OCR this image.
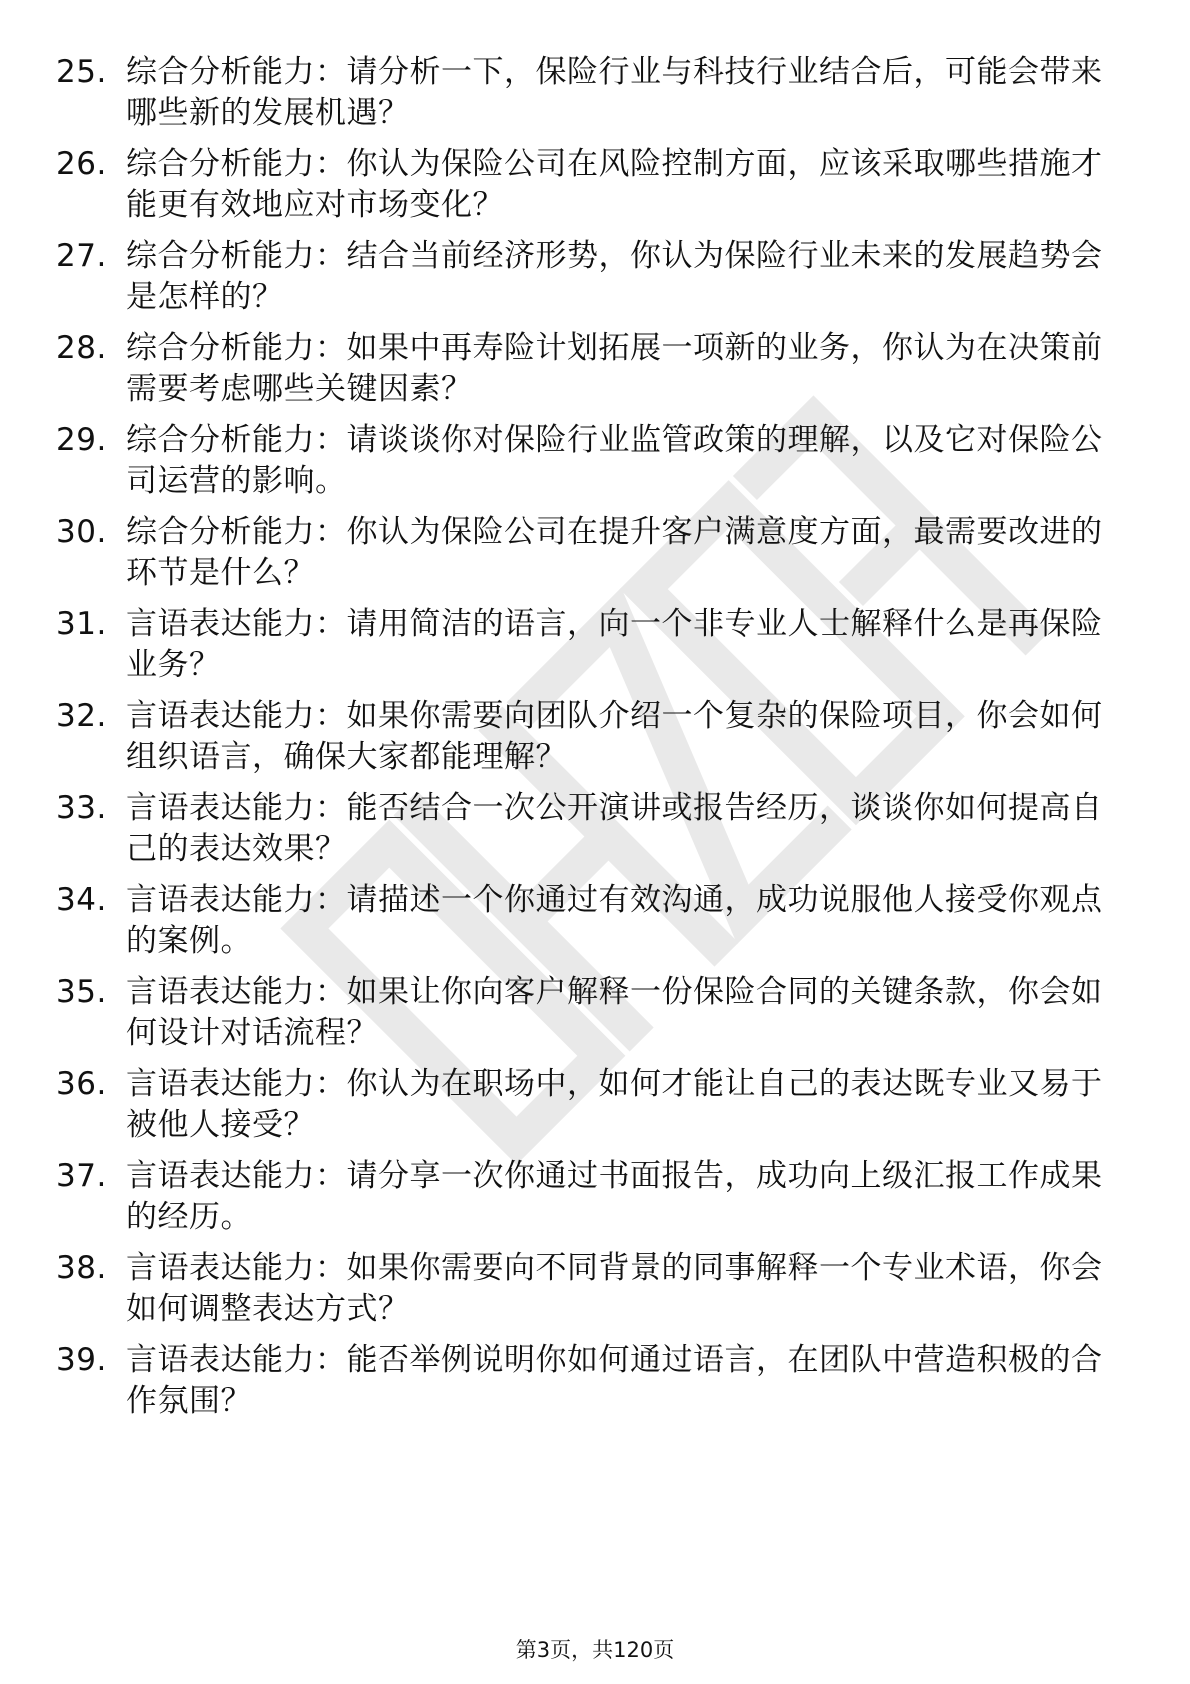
25. 综合分析能力：请分析一下，保险行业与科技行业结合后，可能会带来哪些新的发展机遇？
26. 综合分析能力：你认为保险公司在风险控制方面，应该采取哪些措施才能更有效地应对市场变化？
27. 综合分析能力：结合当前经济形势，你认为保险行业未来的发展趋势会是怎样的？
28. 综合分析能力：如果中再寿险计划拓展一项新的业务，你认为在决策前需要考虑哪些关键因素？
29. 综合分析能力：请谈谈你对保险行业监管政策的理解，以及它对保险公司运营的影响。
30. 综合分析能力：你认为保险公司在提升客户满意度方面，最需要改进的环节是什么？
31. 言语表达能力：请用简洁的语言，向一个非专业人士解释什么是再保险业务？
32. 言语表达能力：如果你需要向团队介绍一个复杂的保险项目，你会如何组织语言，确保大家都能理解？
33. 言语表达能力：能否结合一次公开演讲或报告经历，谈谈你如何提高自己的表达效果？
34. 言语表达能力：请描述一个你通过有效沟通，成功说服他人接受你观点的案例。
35. 言语表达能力：如果让你向客户解释一份保险合同的关键条款，你会如何设计对话流程？
36. 言语表达能力：你认为在职场中，如何才能让自己的表达既专业又易于被他人接受？
37. 言语表达能力：请分享一次你通过书面报告，成功向上级汇报工作成果的经历。
38. 言语表达能力：如果你需要向不同背景的同事解释一个专业术语，你会如何调整表达方式？
39. 言语表达能力：能否举例说明你如何通过语言，在团队中营造积极的合作氛围？
第3页，共120页
